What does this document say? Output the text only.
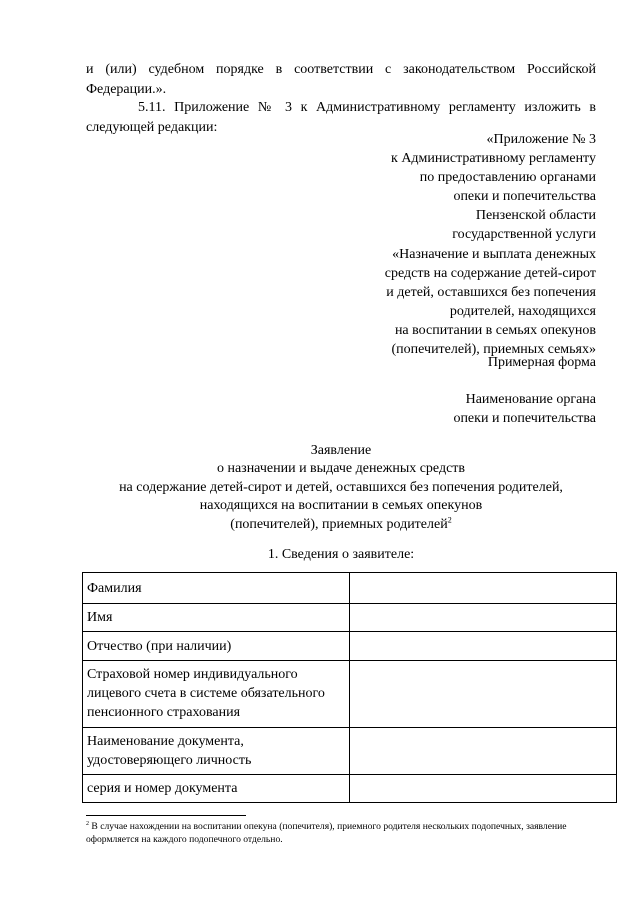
и (или) судебном порядке в соответствии с законодательством Российской Федерации.».

5.11. Приложение № 3 к Административному регламенту изложить в следующей редакции:

«Приложение № 3
к Административному регламенту
по предоставлению органами
опеки и попечительства
Пензенской области
государственной услуги
«Назначение и выплата денежных
средств на содержание детей-сирот
и детей, оставшихся без попечения
родителей, находящихся
на воспитании в семьях опекунов
(попечителей), приемных семьях»
Примерная форма
Наименование органа
опеки и попечительства
Заявление
о назначении и выдаче денежных средств
на содержание детей-сирот и детей, оставшихся без попечения родителей,
находящихся на воспитании в семьях опекунов
(попечителей), приемных родителей$^2$
1. Сведения о заявителе:
Фамилия	
Имя	
Отчество (при наличии)	
Страховой номер индивидуального лицевого счета в системе обязательного пенсионного страхования	
Наименование документа, удостоверяющего личность	
серия и номер документа	
$^2$ В случае нахождении на воспитании опекуна (попечителя), приемного родителя нескольких подопечных, заявление оформляется на каждого подопечного отдельно.
